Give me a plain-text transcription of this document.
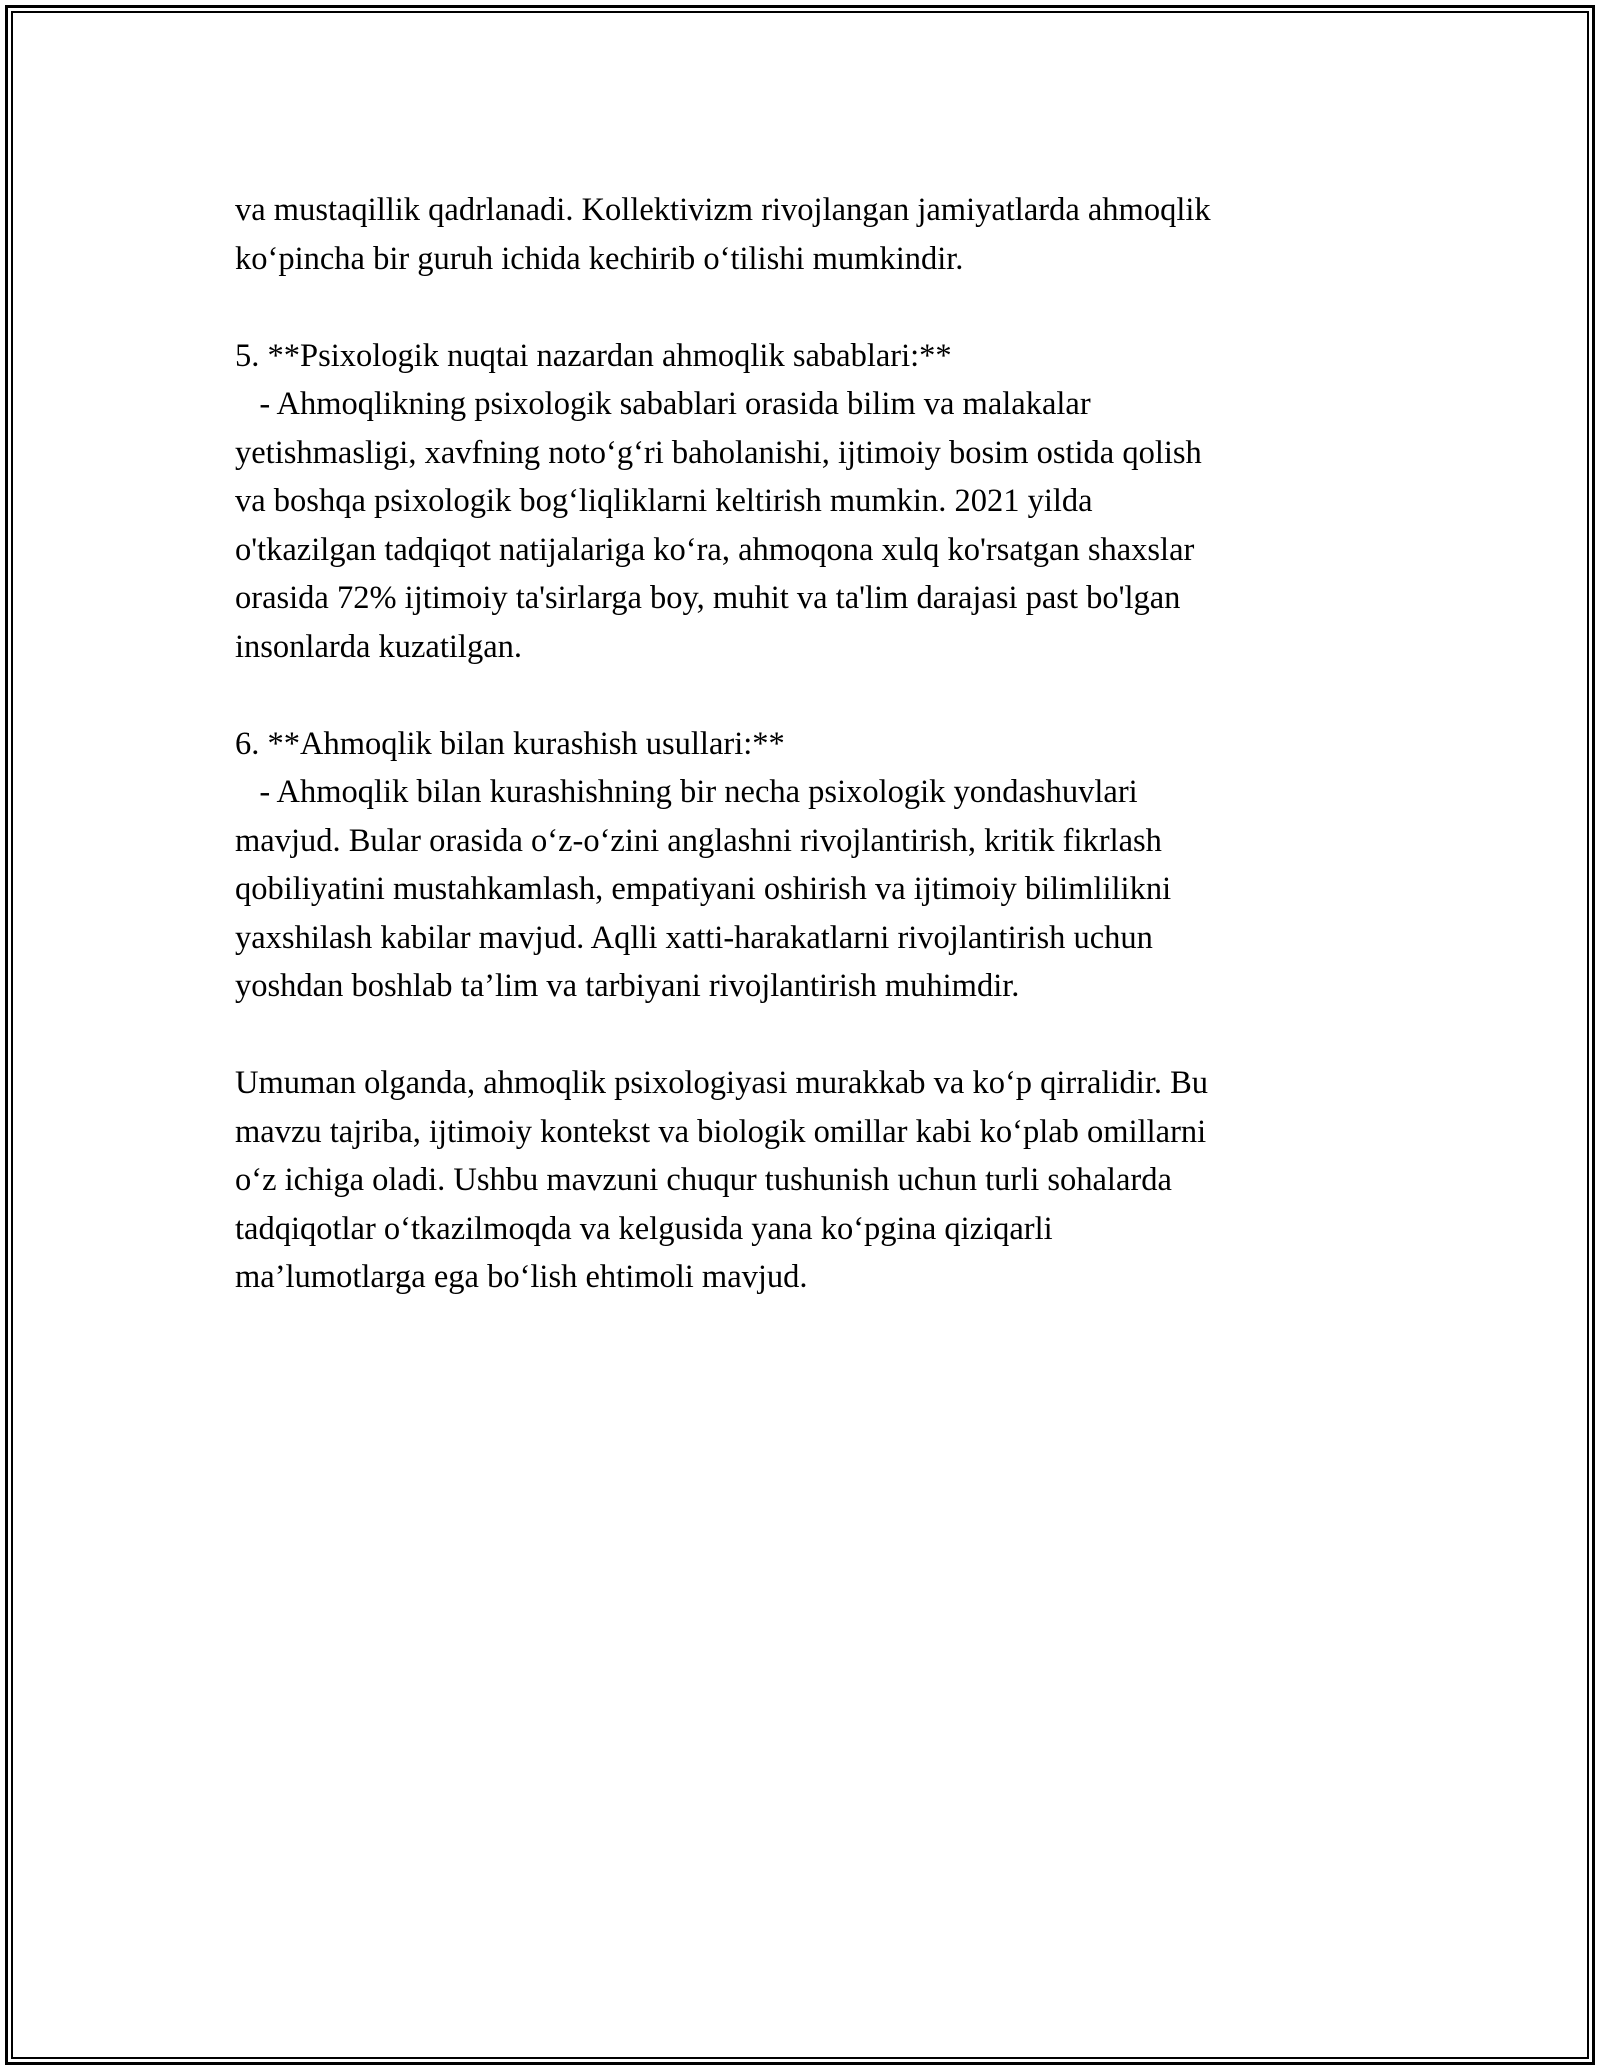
va mustaqillik qadrlanadi. Kollektivizm rivojlangan jamiyatlarda ahmoqlik
ko‘pincha bir guruh ichida kechirib o‘tilishi mumkindir.

5. **Psixologik nuqtai nazardan ahmoqlik sabablari:**

- Ahmoqlikning psixologik sabablari orasida bilim va malakalar
yetishmasligi, xavfning noto‘g‘ri baholanishi, ijtimoiy bosim ostida qolish
va boshqa psixologik bog‘liqliklarni keltirish mumkin. 2021 yilda
o'tkazilgan tadqiqot natijalariga ko‘ra, ahmoqona xulq ko'rsatgan shaxslar
orasida 72% ijtimoiy ta'sirlarga boy, muhit va ta'lim darajasi past bo'lgan
insonlarda kuzatilgan.

6. **Ahmoqlik bilan kurashish usullari:**

- Ahmoqlik bilan kurashishning bir necha psixologik yondashuvlari
mavjud. Bular orasida o‘z-o‘zini anglashni rivojlantirish, kritik fikrlash
qobiliyatini mustahkamlash, empatiyani oshirish va ijtimoiy bilimlilikni
yaxshilash kabilar mavjud. Aqlli xatti-harakatlarni rivojlantirish uchun
yoshdan boshlab ta’lim va tarbiyani rivojlantirish muhimdir.

Umuman olganda, ahmoqlik psixologiyasi murakkab va ko‘p qirralidir. Bu
mavzu tajriba, ijtimoiy kontekst va biologik omillar kabi ko‘plab omillarni
o‘z ichiga oladi. Ushbu mavzuni chuqur tushunish uchun turli sohalarda
tadqiqotlar o‘tkazilmoqda va kelgusida yana ko‘pgina qiziqarli
ma’lumotlarga ega bo‘lish ehtimoli mavjud.
